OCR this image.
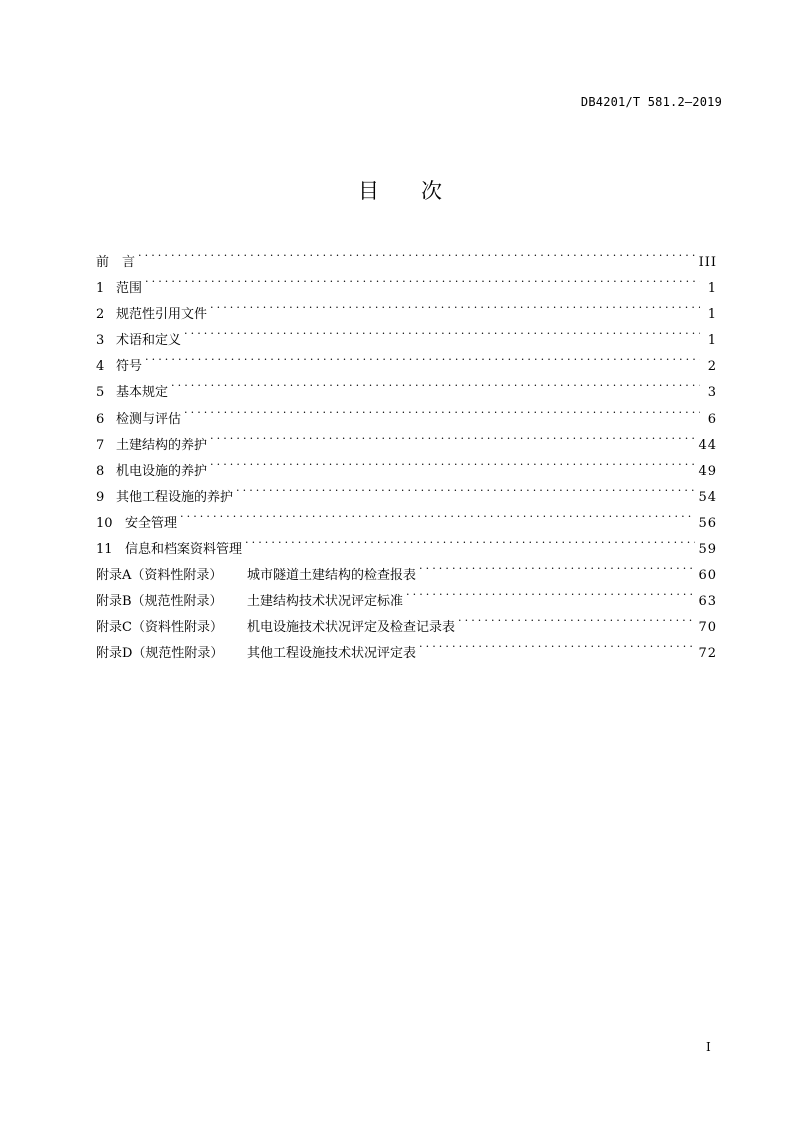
DB4201/T 581.2—2019
目 次
前　言 . . .	III
1 范围 . . .	1
2 规范性引用文件 . . .	1
3 术语和定义 . . .	1
4 符号 . . .	2
5 基本规定 . . .	3
6 检测与评估 . . .	6
7 土建结构的养护 . . .	44
8 机电设施的养护 . . .	49
9 其他工程设施的养护 . . .	54
10 安全管理 . . .	56
11 信息和档案资料管理 . . .	59
附录A（资料性附录）	城市隧道土建结构的检查报表 . . .	60
附录B（规范性附录）	土建结构技术状况评定标准 . . .	63
附录C（资料性附录）	机电设施技术状况评定及检查记录表 . . .	70
附录D（规范性附录）	其他工程设施技术状况评定表 . . .	72
I
